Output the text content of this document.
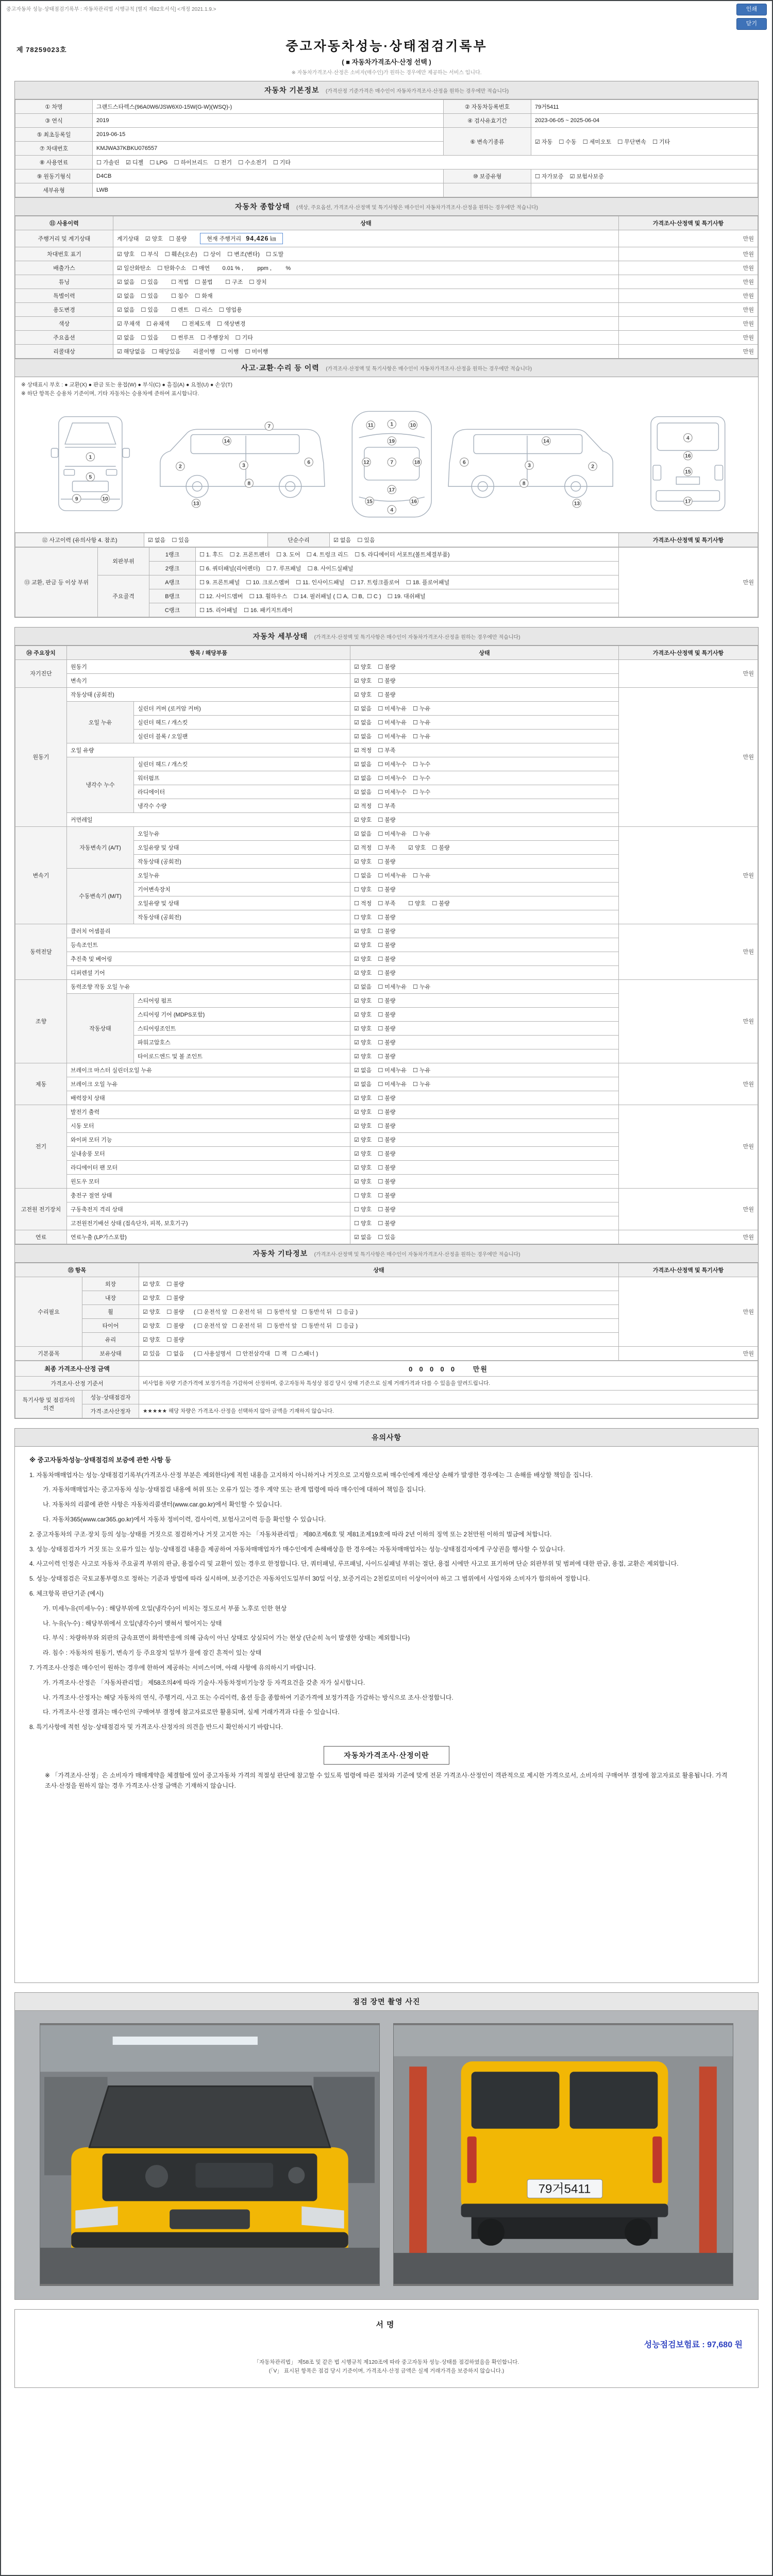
중고자동차 성능·상태점검기록부 : 자동차관리법 시행규칙 [별지 제82호서식] <개정 2021.1.9.>	인쇄
닫기
제 78259023호	중고자동차성능·상태점검기록부
( ■ 자동차가격조사·산정 선택 )
※ 자동차가격조사·산정은 소비자(매수인)가 원하는 경우에만 제공하는 서비스 입니다.
자동차 기본정보 (가격산정 기준가격은 매수인이 자동차가격조사·산정을 원하는 경우에만 적습니다)
① 차명	그랜드스타렉스(96A0W6/JSW6X0-15W(G-W)(WSQ)-)	② 자동차등록번호	79거5411
③ 연식	2019	④ 검사유효기간	2023-06-05 ~ 2025-06-04
⑤ 최초등록일	2019-06-15	⑥ 변속기종류	☑ 자동    ☐ 수동    ☐ 세미오토    ☐ 무단변속    ☐ 기타
⑦ 차대번호	KMJWA37KBKU076557		
⑧ 사용연료	☐ 가솔린    ☑ 디젤    ☐ LPG    ☐ 하이브리드    ☐ 전기    ☐ 수소전기    ☐ 기타		
⑨ 원동기형식	D4CB	⑩ 보증유형	☐ 자가보증    ☑ 보험사보증
세부유형	LWB		
자동차 종합상태 (색상, 주요옵션, 가격조사·산정액 및 특기사항은 매수인이 자동차가격조사·산정을 원하는 경우에만 적습니다)
⑪ 사용이력	상태	가격조사·산정액 및 특기사항
주행거리 및 계기상태	계기상태    ☑ 양호    ☐ 불량 현재 주행거리   94,426 ㎞	만원
차대번호 표기	☑ 양호    ☐ 부식    ☐ 훼손(오손)    ☐ 상이    ☐ 변조(변타)    ☐ 도말	만원
배출가스	☑ 일산화탄소    ☐ 탄화수소    ☐ 매연        0.01 % ,         ppm ,         %	만원
튜닝	☑ 없음    ☐ 있음        ☐ 적법    ☐ 불법        ☐ 구조    ☐ 장치	만원
특별이력	☑ 없음    ☐ 있음        ☐ 침수    ☐ 화재	만원
용도변경	☑ 없음    ☐ 있음        ☐ 렌트    ☐ 리스    ☐ 영업용	만원
색상	☑ 무채색    ☐ 유채색        ☐ 전체도색    ☐ 색상변경	만원
주요옵션	☑ 없음    ☐ 있음        ☐ 썬루프    ☐ 주행장치    ☐ 기타	만원
리콜대상	☑ 해당없음    ☐ 해당있음        리콜이행    ☐ 이행    ☐ 미이행	만원
사고·교환·수리 등 이력 (가격조사·산정액 및 특기사항은 매수인이 자동차가격조사·산정을 원하는 경우에만 적습니다)
※ 상태표시 부호 : ● 교환(X) ● 판금 또는 용접(W) ● 부식(C) ● 흠집(A) ● 요철(U) ● 손상(T)
※ 하단 항목은 승용차 기준이며, 기타 자동차는 승용차에 준하여 표시합니다.
1
5
9	10
2	3
6
8
14
13
7	1
11	10
19
12	7	18
17
15	16
4
2
3
6
8
14
13
4
16
15
17
⑫ 사고이력 (유의사항 4. 참조)	☑ 없음    ☐ 있음	단순수리	☑ 없음    ☐ 있음	가격조사·산정액 및 특기사항
⑬ 교환, 판금 등 이상 부위	외판부위	1랭크	☐ 1. 후드    ☐ 2. 프론트펜더    ☐ 3. 도어    ☐ 4. 트렁크 리드    ☐ 5. 라디에이터 서포트(볼트체결부품)	만원
		2랭크	☐ 6. 쿼터패널(리어펜더)    ☐ 7. 루프패널    ☐ 8. 사이드실패널	
	주요골격	A랭크	☐ 9. 프론트패널    ☐ 10. 크로스멤버    ☐ 11. 인사이드패널    ☐ 17. 트렁크플로어    ☐ 18. 플로어패널	
		B랭크	☐ 12. 사이드멤버    ☐ 13. 휠하우스    ☐ 14. 필러패널 ( ☐ A,  ☐ B,  ☐ C )    ☐ 19. 대쉬패널	
		C랭크	☐ 15. 리어패널    ☐ 16. 패키지트레이	
자동차 세부상태 (가격조사·산정액 및 특기사항은 매수인이 자동차가격조사·산정을 원하는 경우에만 적습니다)
⑭ 주요장치	항목 / 해당부품		상태	가격조사·산정액 및 특기사항
자기진단	원동기		☑ 양호    ☐ 불량	만원
	변속기		☑ 양호    ☐ 불량	
원동기	작동상태 (공회전)		☑ 양호    ☐ 불량	만원
	오일 누유	실린더 커버 (로커암 커버)	☑ 없음    ☐ 미세누유    ☐ 누유	
		실린더 헤드 / 개스킷	☑ 없음    ☐ 미세누유    ☐ 누유	
		실린더 블록 / 오일팬	☑ 없음    ☐ 미세누유    ☐ 누유	
	오일 유량		☑ 적정    ☐ 부족	
	냉각수 누수	실린더 헤드 / 개스킷	☑ 없음    ☐ 미세누수    ☐ 누수	
		워터펌프	☑ 없음    ☐ 미세누수    ☐ 누수	
		라디에이터	☑ 없음    ☐ 미세누수    ☐ 누수	
		냉각수 수량	☑ 적정    ☐ 부족	
	커먼레일		☑ 양호    ☐ 불량	
변속기	자동변속기 (A/T)	오일누유	☑ 없음    ☐ 미세누유    ☐ 누유	만원
		오일유량 및 상태	☑ 적정    ☐ 부족        ☑ 양호    ☐ 불량	
		작동상태 (공회전)	☑ 양호    ☐ 불량	
	수동변속기 (M/T)	오일누유	☐ 없음    ☐ 미세누유    ☐ 누유	
		기어변속장치	☐ 양호    ☐ 불량	
		오일유량 및 상태	☐ 적정    ☐ 부족        ☐ 양호    ☐ 불량	
		작동상태 (공회전)	☐ 양호    ☐ 불량	
동력전달	클러치 어셈블리		☑ 양호    ☐ 불량	만원
	등속조인트		☑ 양호    ☐ 불량	
	추진축 및 베어링		☑ 양호    ☐ 불량	
	디퍼렌셜 기어		☑ 양호    ☐ 불량	
조향	동력조향 작동 오일 누유		☑ 없음    ☐ 미세누유    ☐ 누유	만원
	작동상태	스티어링 펌프	☑ 양호    ☐ 불량	
		스티어링 기어 (MDPS포함)	☑ 양호    ☐ 불량	
		스티어링조인트	☑ 양호    ☐ 불량	
		파워고압호스	☑ 양호    ☐ 불량	
		타이로드엔드 및 볼 조인트	☑ 양호    ☐ 불량	
제동	브레이크 마스터 실린더오일 누유		☑ 없음    ☐ 미세누유    ☐ 누유	만원
	브레이크 오일 누유		☑ 없음    ☐ 미세누유    ☐ 누유	
	배력장치 상태		☑ 양호    ☐ 불량	
전기	발전기 출력		☑ 양호    ☐ 불량	만원
	시동 모터		☑ 양호    ☐ 불량	
	와이퍼 모터 기능		☑ 양호    ☐ 불량	
	실내송풍 모터		☑ 양호    ☐ 불량	
	라디에이터 팬 모터		☑ 양호    ☐ 불량	
	윈도우 모터		☑ 양호    ☐ 불량	
고전원 전기장치	충전구 절연 상태		☐ 양호    ☐ 불량	만원
	구동축전지 격리 상태		☐ 양호    ☐ 불량	
	고전원전기배선 상태 (접속단자, 피복, 보호기구)		☐ 양호    ☐ 불량	
연료	연료누출 (LP가스포함)		☑ 없음    ☐ 있음	만원
자동차 기타정보 (가격조사·산정액 및 특기사항은 매수인이 자동차가격조사·산정을 원하는 경우에만 적습니다)
⑮ 항목		상태	가격조사·산정액 및 특기사항
수리필요	외장	☑ 양호    ☐ 불량	만원
	내장	☑ 양호    ☐ 불량	
	휠	☑ 양호    ☐ 불량      ( ☐ 운전석 앞   ☐ 운전석 뒤   ☐ 동반석 앞   ☐ 동반석 뒤   ☐ 응급 )	
	타이어	☑ 양호    ☐ 불량      ( ☐ 운전석 앞   ☐ 운전석 뒤   ☐ 동반석 앞   ☐ 동반석 뒤   ☐ 응급 )	
	유리	☑ 양호    ☐ 불량	
기본품목	보유상태	☑ 있음    ☐ 없음      ( ☐ 사용설명서   ☐ 안전삼각대   ☐ 잭   ☐ 스패너 )	만원
최종 가격조사·산정 금액		0  0  0  0  0      만원
가격조사·산정 기준서		비사업용 차량 기준가격에 보정가격을 가감하여 산정하며, 중고자동차 특성상 점검 당시 상태 기준으로 실제 거래가격과 다를 수 있음을 알려드립니다.
특기사항 및 점검자의 의견	성능·상태점검자	
	가격·조사산정자	★★★★★ 해당 차량은 가격조사·산정을 선택하지 않아 금액을 기재하지 않습니다.
유의사항

※ 중고자동차성능·상태점검의 보증에 관한 사항 등

1. 자동차매매업자는 성능·상태점검기록부(가격조사·산정 부분은 제외한다)에 적힌 내용을 고지하지 아니하거나 거짓으로 고지함으로써 매수인에게 재산상 손해가 발생한 경우에는 그 손해를 배상할 책임을 집니다.

가. 자동차매매업자는 중고자동차 성능·상태점검 내용에 허위 또는 오류가 있는 경우 계약 또는 관계 법령에 따라 매수인에 대하여 책임을 집니다.

나. 자동차의 리콜에 관한 사항은 자동차리콜센터(www.car.go.kr)에서 확인할 수 있습니다.

다. 자동차365(www.car365.go.kr)에서 자동차 정비이력, 검사이력, 보험사고이력 등을 확인할 수 있습니다.

2. 중고자동차의 구조·장치 등의 성능·상태를 거짓으로 점검하거나 거짓 고지한 자는 「자동차관리법」 제80조제6호 및 제81조제19호에 따라 2년 이하의 징역 또는 2천만원 이하의 벌금에 처합니다.

3. 성능·상태점검자가 거짓 또는 오류가 있는 성능·상태점검 내용을 제공하여 자동차매매업자가 매수인에게 손해배상을 한 경우에는 자동차매매업자는 성능·상태점검자에게 구상권을 행사할 수 있습니다.

4. 사고이력 인정은 사고로 자동차 주요골격 부위의 판금, 용접수리 및 교환이 있는 경우로 한정합니다. 단, 쿼터패널, 루프패널, 사이드실패널 부위는 절단, 용접 시에만 사고로 표기하며 단순 외판부위 및 범퍼에 대한 판금, 용접, 교환은 제외합니다.

5. 성능·상태점검은 국토교통부령으로 정하는 기준과 방법에 따라 실시하며, 보증기간은 자동차인도일부터 30일 이상, 보증거리는 2천킬로미터 이상이어야 하고 그 범위에서 사업자와 소비자가 합의하여 정합니다.

6. 체크항목 판단기준 (예시)

가. 미세누유(미세누수) : 해당부위에 오일(냉각수)이 비치는 정도로서 부품 노후로 인한 현상

나. 누유(누수) : 해당부위에서 오일(냉각수)이 맺혀서 떨어지는 상태

다. 부식 : 차량하부와 외판의 금속표면이 화학반응에 의해 금속이 아닌 상태로 상실되어 가는 현상 (단순히 녹이 발생한 상태는 제외합니다)

라. 침수 : 자동차의 원동기, 변속기 등 주요장치 일부가 물에 잠긴 흔적이 있는 상태

7. 가격조사·산정은 매수인이 원하는 경우에 한하여 제공하는 서비스이며, 아래 사항에 유의하시기 바랍니다.

가. 가격조사·산정은 「자동차관리법」 제58조의4에 따라 기술사·자동차정비기능장 등 자격요건을 갖춘 자가 실시합니다.

나. 가격조사·산정자는 해당 자동차의 연식, 주행거리, 사고 또는 수리이력, 옵션 등을 종합하여 기준가격에 보정가격을 가감하는 방식으로 조사·산정합니다.

다. 가격조사·산정 결과는 매수인의 구매여부 결정에 참고자료로만 활용되며, 실제 거래가격과 다를 수 있습니다.

8. 특기사항에 적힌 성능·상태점검자 및 가격조사·산정자의 의견을 반드시 확인하시기 바랍니다.

자동차가격조사·산정이란

※ 「가격조사·산정」은 소비자가 매매계약을 체결함에 있어 중고자동차 가격의 적절성 판단에 참고할 수 있도록 법령에 따른 절차와 기준에 맞게 전문 가격조사·산정인이 객관적으로 제시한 가격으로서, 소비자의 구매여부 결정에 참고자료로 활용됩니다. 가격조사·산정을 원하지 않는 경우 가격조사·산정 금액은 기재하지 않습니다.

점검 장면 촬영 사진
79거5411
서명
성능점검보험료 : 97,680 원
「자동차관리법」 제58조 및 같은 법 시행규칙 제120조에 따라 중고자동차 성능·상태를 점검하였음을 확인합니다.
(「V」 표시된 항목은 점검 당시 기준이며, 가격조사·산정 금액은 실제 거래가격을 보증하지 않습니다.)
